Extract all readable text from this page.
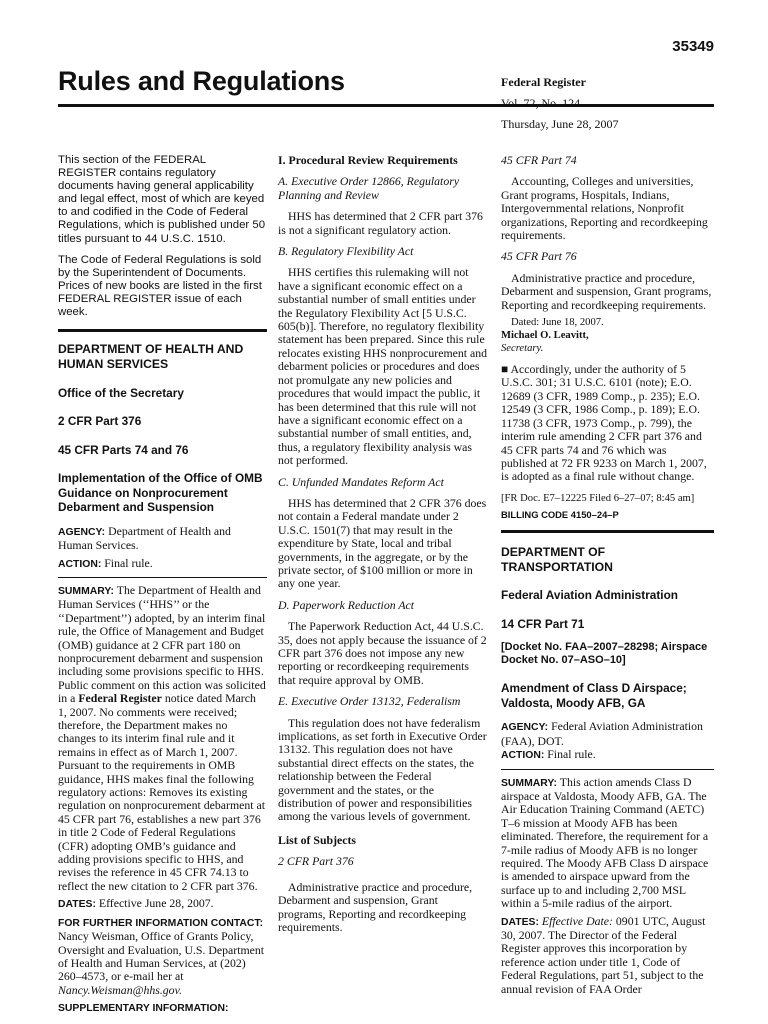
35349
Rules and Regulations	Federal Register
Vol. 72, No. 124
Thursday, June 28, 2007

This section of the FEDERAL REGISTER contains regulatory documents having general applicability and legal effect, most of which are keyed to and codified in the Code of Federal Regulations, which is published under 50 titles pursuant to 44 U.S.C. 1510.

The Code of Federal Regulations is sold by the Superintendent of Documents. Prices of new books are listed in the first FEDERAL REGISTER issue of each week.

DEPARTMENT OF HEALTH AND HUMAN SERVICES
Office of the Secretary
2 CFR Part 376
45 CFR Parts 74 and 76
Implementation of the Office of OMB Guidance on Nonprocurement Debarment and Suspension

AGENCY: Department of Health and Human Services.

ACTION: Final rule.

SUMMARY: The Department of Health and Human Services (‘‘HHS’’ or the ‘‘Department’’) adopted, by an interim final rule, the Office of Management and Budget (OMB) guidance at 2 CFR part 180 on nonprocurement debarment and suspension including some provisions specific to HHS. Public comment on this action was solicited in a Federal Register notice dated March 1, 2007. No comments were received; therefore, the Department makes no changes to its interim final rule and it remains in effect as of March 1, 2007. Pursuant to the requirements in OMB guidance, HHS makes final the following regulatory actions: Removes its existing regulation on nonprocurement debarment at 45 CFR part 76, establishes a new part 376 in title 2 Code of Federal Regulations (CFR) adopting OMB’s guidance and adding provisions specific to HHS, and revises the reference in 45 CFR 74.13 to reflect the new citation to 2 CFR part 376.

DATES: Effective June 28, 2007.

FOR FURTHER INFORMATION CONTACT:
Nancy Weisman, Office of Grants Policy, Oversight and Evaluation, U.S. Department of Health and Human Services, at (202) 260–4573, or e-mail her at Nancy.Weisman@hhs.gov.

SUPPLEMENTARY INFORMATION:

I. Procedural Review Requirements

A. Executive Order 12866, Regulatory Planning and Review

HHS has determined that 2 CFR part 376 is not a significant regulatory action.

B. Regulatory Flexibility Act

HHS certifies this rulemaking will not have a significant economic effect on a substantial number of small entities under the Regulatory Flexibility Act [5 U.S.C. 605(b)]. Therefore, no regulatory flexibility statement has been prepared. Since this rule relocates existing HHS nonprocurement and debarment policies or procedures and does not promulgate any new policies and procedures that would impact the public, it has been determined that this rule will not have a significant economic effect on a substantial number of small entities, and, thus, a regulatory flexibility analysis was not performed.

C. Unfunded Mandates Reform Act

HHS has determined that 2 CFR 376 does not contain a Federal mandate under 2 U.S.C. 1501(7) that may result in the expenditure by State, local and tribal governments, in the aggregate, or by the private sector, of $100 million or more in any one year.

D. Paperwork Reduction Act

The Paperwork Reduction Act, 44 U.S.C. 35, does not apply because the issuance of 2 CFR part 376 does not impose any new reporting or recordkeeping requirements that require approval by OMB.

E. Executive Order 13132, Federalism

This regulation does not have federalism implications, as set forth in Executive Order 13132. This regulation does not have substantial direct effects on the states, the relationship between the Federal government and the states, or the distribution of power and responsibilities among the various levels of government.

List of Subjects

2 CFR Part 376

Administrative practice and procedure, Debarment and suspension, Grant programs, Reporting and recordkeeping requirements.

45 CFR Part 74

Accounting, Colleges and universities, Grant programs, Hospitals, Indians, Intergovernmental relations, Nonprofit organizations, Reporting and recordkeeping requirements.

45 CFR Part 76

Administrative practice and procedure, Debarment and suspension, Grant programs, Reporting and recordkeeping requirements.

Dated: June 18, 2007.

Michael O. Leavitt,

Secretary.

■ Accordingly, under the authority of 5 U.S.C. 301; 31 U.S.C. 6101 (note); E.O. 12689 (3 CFR, 1989 Comp., p. 235); E.O. 12549 (3 CFR, 1986 Comp., p. 189); E.O. 11738 (3 CFR, 1973 Comp., p. 799), the interim rule amending 2 CFR part 376 and 45 CFR parts 74 and 76 which was published at 72 FR 9233 on March 1, 2007, is adopted as a final rule without change.

[FR Doc. E7–12225 Filed 6–27–07; 8:45 am]

BILLING CODE 4150–24–P

DEPARTMENT OF TRANSPORTATION
Federal Aviation Administration
14 CFR Part 71
[Docket No. FAA–2007–28298; Airspace Docket No. 07–ASO–10]
Amendment of Class D Airspace; Valdosta, Moody AFB, GA

AGENCY: Federal Aviation Administration (FAA), DOT.

ACTION: Final rule.

SUMMARY: This action amends Class D airspace at Valdosta, Moody AFB, GA. The Air Education Training Command (AETC) T–6 mission at Moody AFB has been eliminated. Therefore, the requirement for a 7-mile radius of Moody AFB is no longer required. The Moody AFB Class D airspace is amended to airspace upward from the surface up to and including 2,700 MSL within a 5-mile radius of the airport.

DATES: Effective Date: 0901 UTC, August 30, 2007. The Director of the Federal Register approves this incorporation by reference action under title 1, Code of Federal Regulations, part 51, subject to the annual revision of FAA Order
